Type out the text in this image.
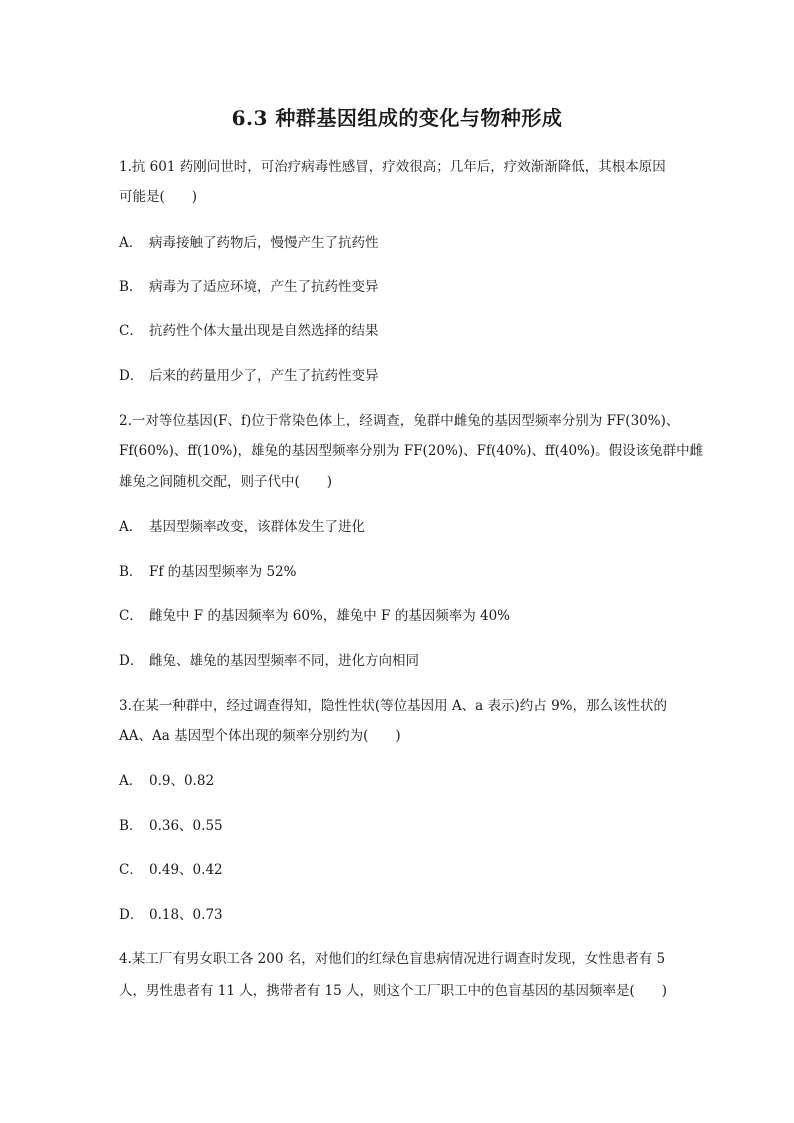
6.3 种群基因组成的变化与物种形成
1.抗 601 药刚问世时，可治疗病毒性感冒，疗效很高；几年后，疗效渐渐降低，其根本原因
可能是(　　)
A． 病毒接触了药物后，慢慢产生了抗药性
B． 病毒为了适应环境，产生了抗药性变异
C． 抗药性个体大量出现是自然选择的结果
D． 后来的药量用少了，产生了抗药性变异
2.一对等位基因(F、f)位于常染色体上，经调查，兔群中雌兔的基因型频率分别为 FF(30%)、
Ff(60%)、ff(10%)，雄兔的基因型频率分别为 FF(20%)、Ff(40%)、ff(40%)。假设该兔群中雌
雄兔之间随机交配，则子代中(　　)
A． 基因型频率改变，该群体发生了进化
B． Ff 的基因型频率为 52%
C． 雌兔中 F 的基因频率为 60%，雄兔中 F 的基因频率为 40%
D． 雌兔、雄兔的基因型频率不同，进化方向相同
3.在某一种群中，经过调查得知，隐性性状(等位基因用 A、a 表示)约占 9%，那么该性状的
AA、Aa 基因型个体出现的频率分别约为(　　)
A． 0.9、0.82
B． 0.36、0.55
C． 0.49、0.42
D． 0.18、0.73
4.某工厂有男女职工各 200 名，对他们的红绿色盲患病情况进行调查时发现，女性患者有 5
人，男性患者有 11 人，携带者有 15 人，则这个工厂职工中的色盲基因的基因频率是(　　)
